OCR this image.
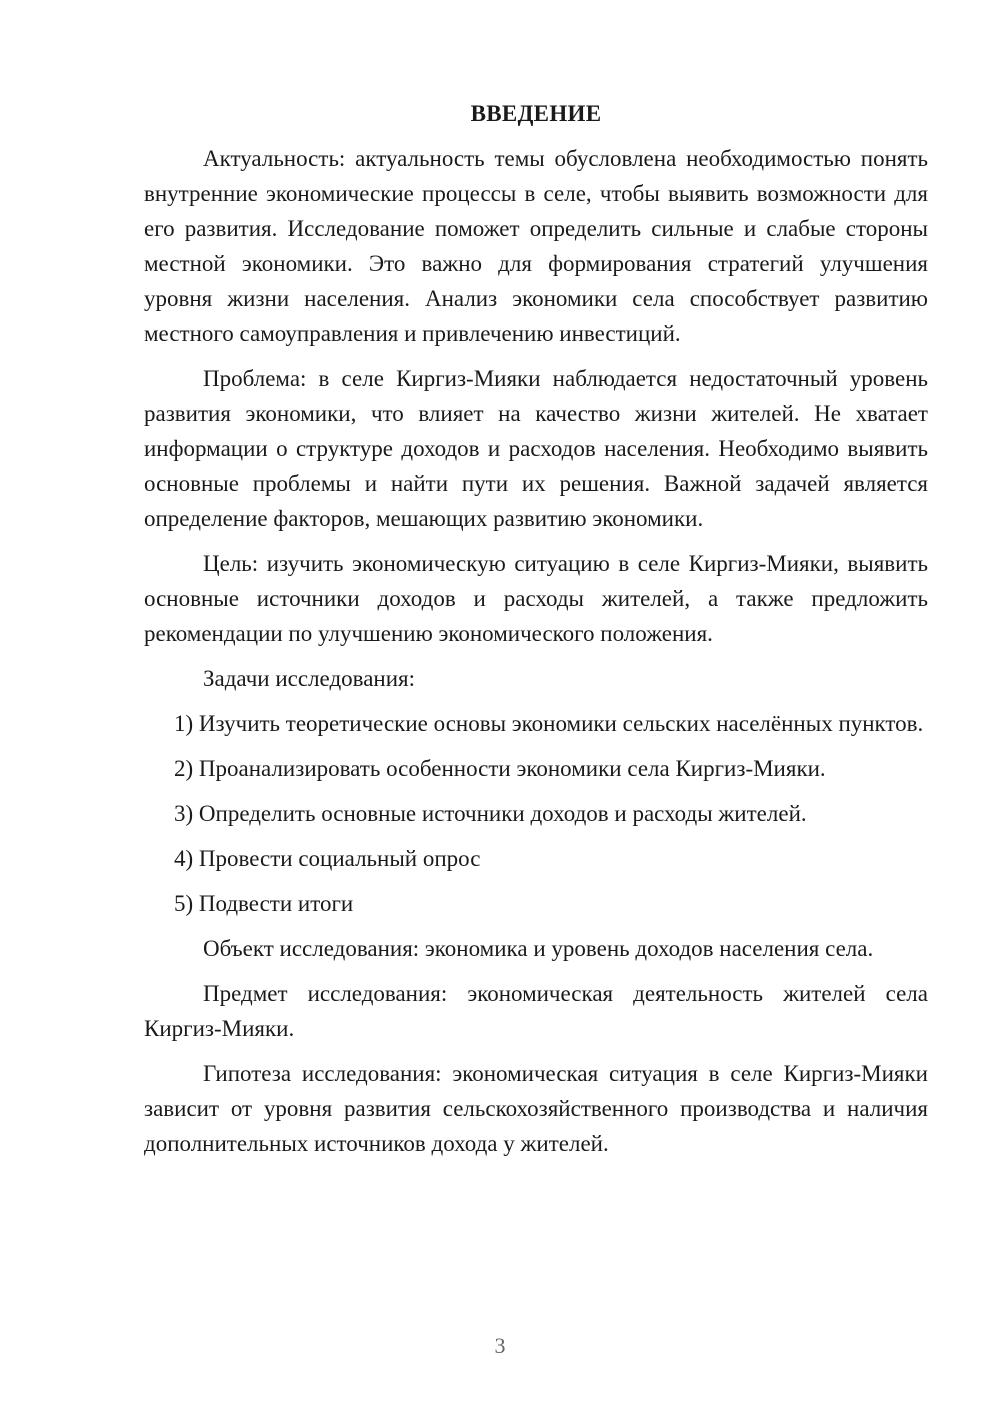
ВВЕДЕНИЕ

Актуальность: актуальность темы обусловлена необходимостью понять внутренние экономические процессы в селе, чтобы выявить возможности для его развития. Исследование поможет определить сильные и слабые стороны местной экономики. Это важно для формирования стратегий улучшения уровня жизни населения. Анализ экономики села способствует развитию местного самоуправления и привлечению инвестиций.

Проблема: в селе Киргиз-Мияки наблюдается недостаточный уровень развития экономики, что влияет на качество жизни жителей. Не хватает информации о структуре доходов и расходов населения. Необходимо выявить основные проблемы и найти пути их решения. Важной задачей является определение факторов, мешающих развитию экономики.

Цель: изучить экономическую ситуацию в селе Киргиз-Мияки, выявить основные источники доходов и расходы жителей, а также предложить рекомендации по улучшению экономического положения.

Задачи исследования:

1) Изучить теоретические основы экономики сельских населённых пунктов.

2) Проанализировать особенности экономики села Киргиз-Мияки.

3) Определить основные источники доходов и расходы жителей.

4) Провести социальный опрос

5) Подвести итоги

Объект исследования: экономика и уровень доходов населения села.

Предмет исследования: экономическая деятельность жителей села Киргиз-Мияки.

Гипотеза исследования: экономическая ситуация в селе Киргиз-Мияки зависит от уровня развития сельскохозяйственного производства и наличия дополнительных источников дохода у жителей.

3
